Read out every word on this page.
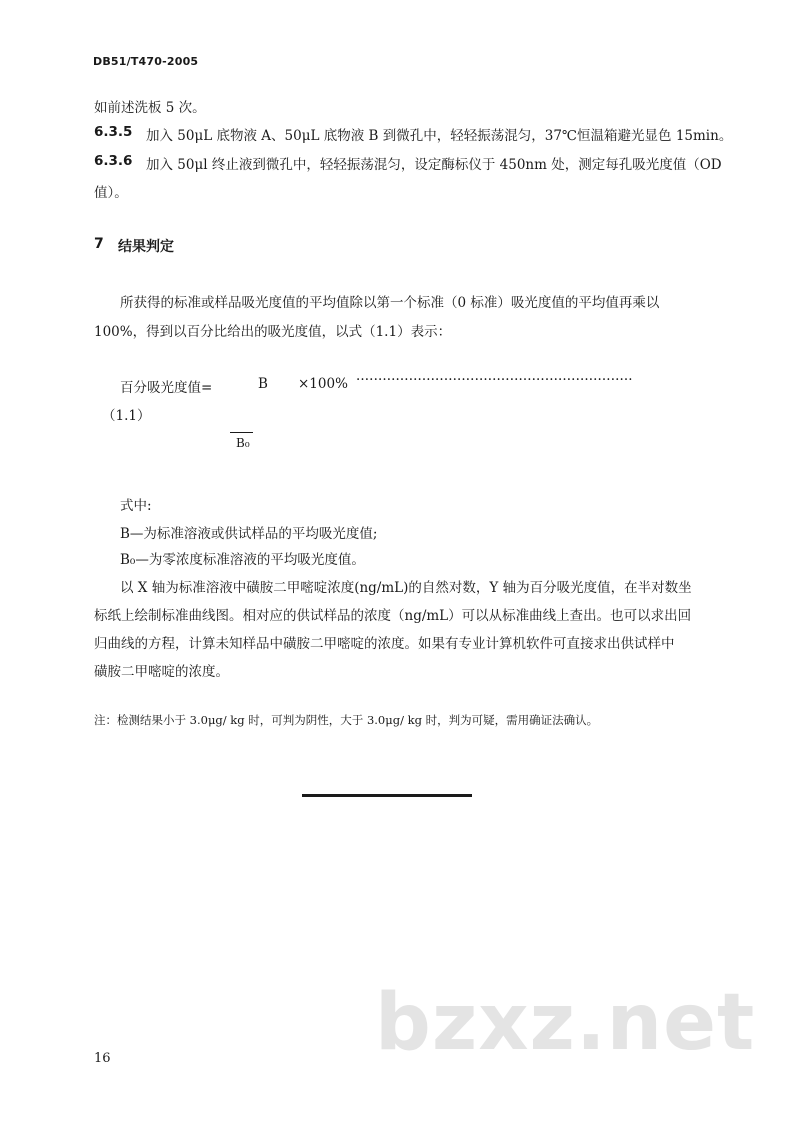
DB51/T470-2005
如前述洗板 5 次。
6.3.5 加入 50μL 底物液 A、50μL 底物液 B 到微孔中，轻轻振荡混匀，37℃恒温箱避光显色 15min。
6.3.6 加入 50μl 终止液到微孔中，轻轻振荡混匀，设定酶标仪于 450nm 处，测定每孔吸光度值（OD
值）。
7 结果判定
所获得的标准或样品吸光度值的平均值除以第一个标准（0 标准）吸光度值的平均值再乘以
100%，得到以百分比给出的吸光度值，以式（1.1）表示：
百分吸光度值=	B ×100% ·······························································
（1.1）
B₀
式中:
B—为标准溶液或供试样品的平均吸光度值;
B₀—为零浓度标准溶液的平均吸光度值。
以 X 轴为标准溶液中磺胺二甲嘧啶浓度(ng/mL)的自然对数，Y 轴为百分吸光度值，在半对数坐
标纸上绘制标准曲线图。相对应的供试样品的浓度（ng/mL）可以从标准曲线上查出。也可以求出回
归曲线的方程，计算未知样品中磺胺二甲嘧啶的浓度。如果有专业计算机软件可直接求出供试样中
磺胺二甲嘧啶的浓度。
注：检测结果小于 3.0μg/ kg 时，可判为阴性，大于 3.0μg/ kg 时，判为可疑，需用确证法确认。
bzxz.net
16
